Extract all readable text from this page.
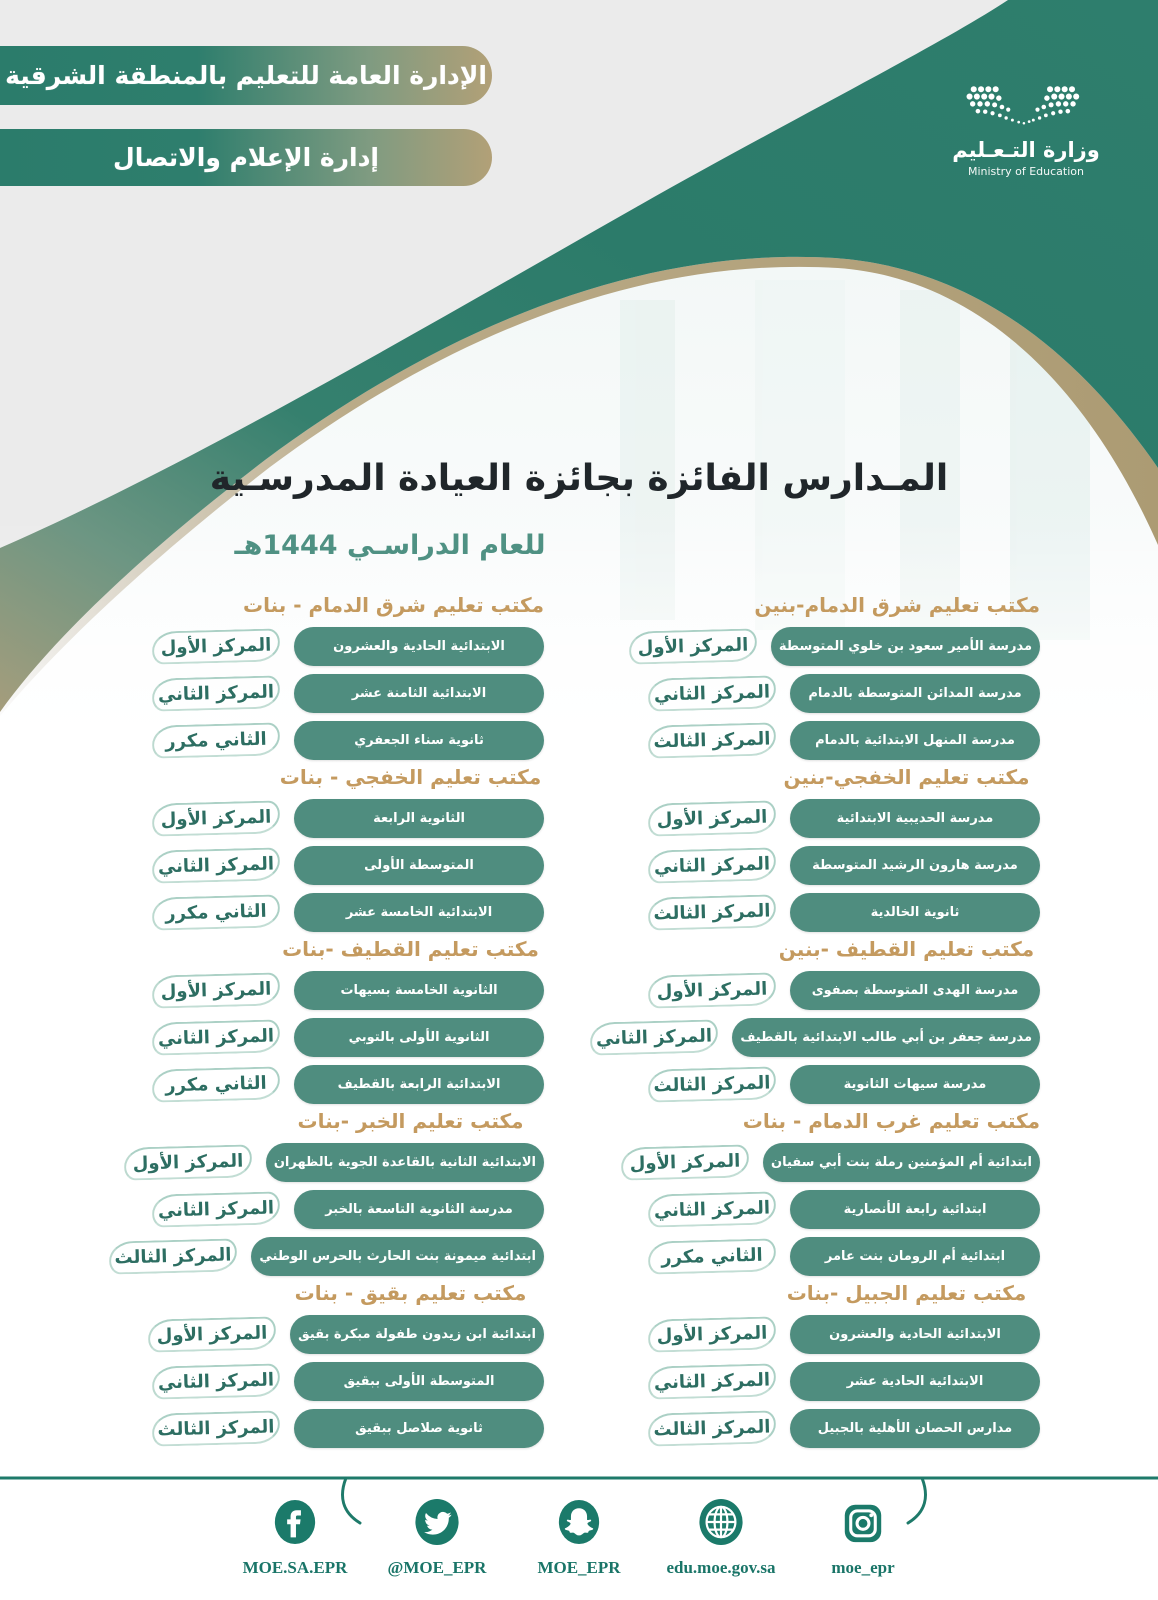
الإدارة العامة للتعليم بالمنطقة الشرقية
إدارة الإعلام والاتصال	وزارة التـعـليم
Ministry of Education
المـدارس الفائزة بجائزة العيادة المدرسـية
للعام الدراسـي 1444هـ
مكتب تعليم شرق الدمام-بنين
مدرسة الأمير سعود بن خلوي المتوسطة
المركز الأول
مدرسة المدائن المتوسطة بالدمام
المركز الثاني
مدرسة المنهل الابتدائية بالدمام
المركز الثالث
مكتب تعليم شرق الدمام - بنات
الابتدائية الحادية والعشرون
المركز الأول
الابتدائية الثامنة عشر
المركز الثاني
ثانوية سناء الجعفري
الثاني مكرر
مكتب تعليم الخفجي-بنين
مدرسة الحديبية الابتدائية
المركز الأول
مدرسة هارون الرشيد المتوسطة
المركز الثاني
ثانوية الخالدية
المركز الثالث
مكتب تعليم الخفجي - بنات
الثانوية الرابعة
المركز الأول
المتوسطة الأولى
المركز الثاني
الابتدائية الخامسة عشر
الثاني مكرر
مكتب تعليم القطيف -بنين
مدرسة الهدى المتوسطة بصفوى
المركز الأول
مدرسة جعفر بن أبي طالب الابتدائية بالقطيف
المركز الثاني
مدرسة سيهات الثانوية
المركز الثالث
مكتب تعليم القطيف -بنات
الثانوية الخامسة بسيهات
المركز الأول
الثانوية الأولى بالتوبي
المركز الثاني
الابتدائية الرابعة بالقطيف
الثاني مكرر
مكتب تعليم غرب الدمام - بنات
ابتدائية أم المؤمنين رملة بنت أبي سفيان
المركز الأول
ابتدائية رابعة الأنصارية
المركز الثاني
ابتدائية أم الرومان بنت عامر
الثاني مكرر
مكتب تعليم الخبر -بنات
الابتدائية الثانية بالقاعدة الجوية بالظهران
المركز الأول
مدرسة الثانوية التاسعة بالخبر
المركز الثاني
ابتدائية ميمونة بنت الحارث بالحرس الوطني
المركز الثالث
مكتب تعليم الجبيل -بنات
الابتدائية الحادية والعشرون
المركز الأول
الابتدائية الحادية عشر
المركز الثاني
مدارس الحصان الأهلية بالجبيل
المركز الثالث
مكتب تعليم بقيق - بنات
ابتدائية ابن زيدون طفولة مبكرة بقيق
المركز الأول
المتوسطة الأولى ببقيق
المركز الثاني
ثانوية صلاصل ببقيق
المركز الثالث
MOE.SA.EPR @MOE_EPR	MOE_EPR	edu.moe.gov.sa	moe_epr
